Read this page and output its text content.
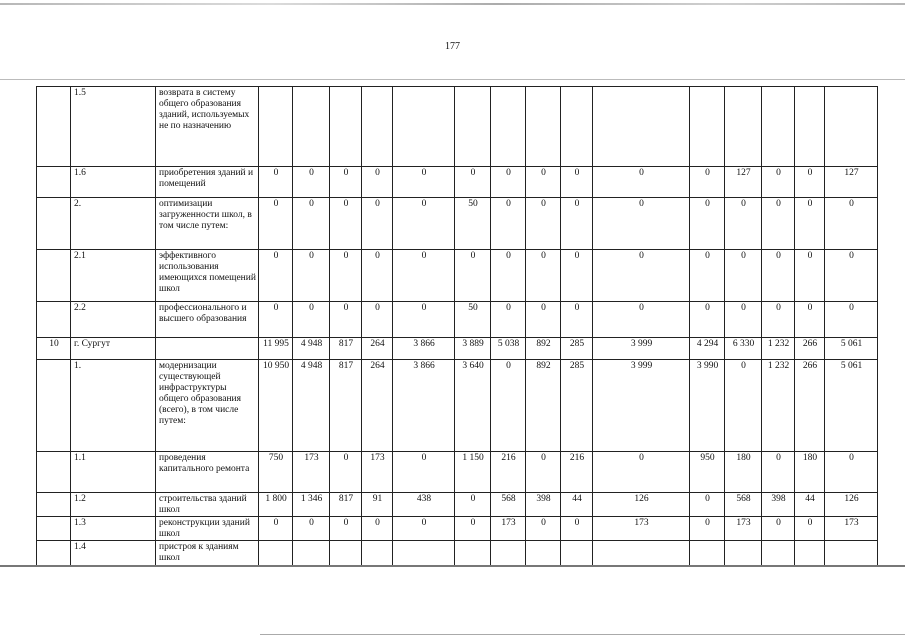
177
	1.5	возврата в систему общего образования зданий, используемых не по назначению															
	1.6	приобретения зданий и помещений	0	0	0	0	0	0	0	0	0	0	0	127	0	0	127
	2.	оптимизации загруженности школ, в том числе путем:	0	0	0	0	0	50	0	0	0	0	0	0	0	0	0
	2.1	эффективного использования имеющихся помещений школ	0	0	0	0	0	0	0	0	0	0	0	0	0	0	0
	2.2	профессионального и высшего образования	0	0	0	0	0	50	0	0	0	0	0	0	0	0	0
10	г. Сургут		11 995	4 948	817	264	3 866	3 889	5 038	892	285	3 999	4 294	6 330	1 232	266	5 061
	1.	модернизации существующей инфраструктуры общего образования (всего), в том числе путем:	10 950	4 948	817	264	3 866	3 640	0	892	285	3 999	3 990	0	1 232	266	5 061
	1.1	проведения капитального ремонта	750	173	0	173	0	1 150	216	0	216	0	950	180	0	180	0
	1.2	строительства зданий школ	1 800	1 346	817	91	438	0	568	398	44	126	0	568	398	44	126
	1.3	реконструкции зданий школ	0	0	0	0	0	0	173	0	0	173	0	173	0	0	173
	1.4	пристроя к зданиям школ															
